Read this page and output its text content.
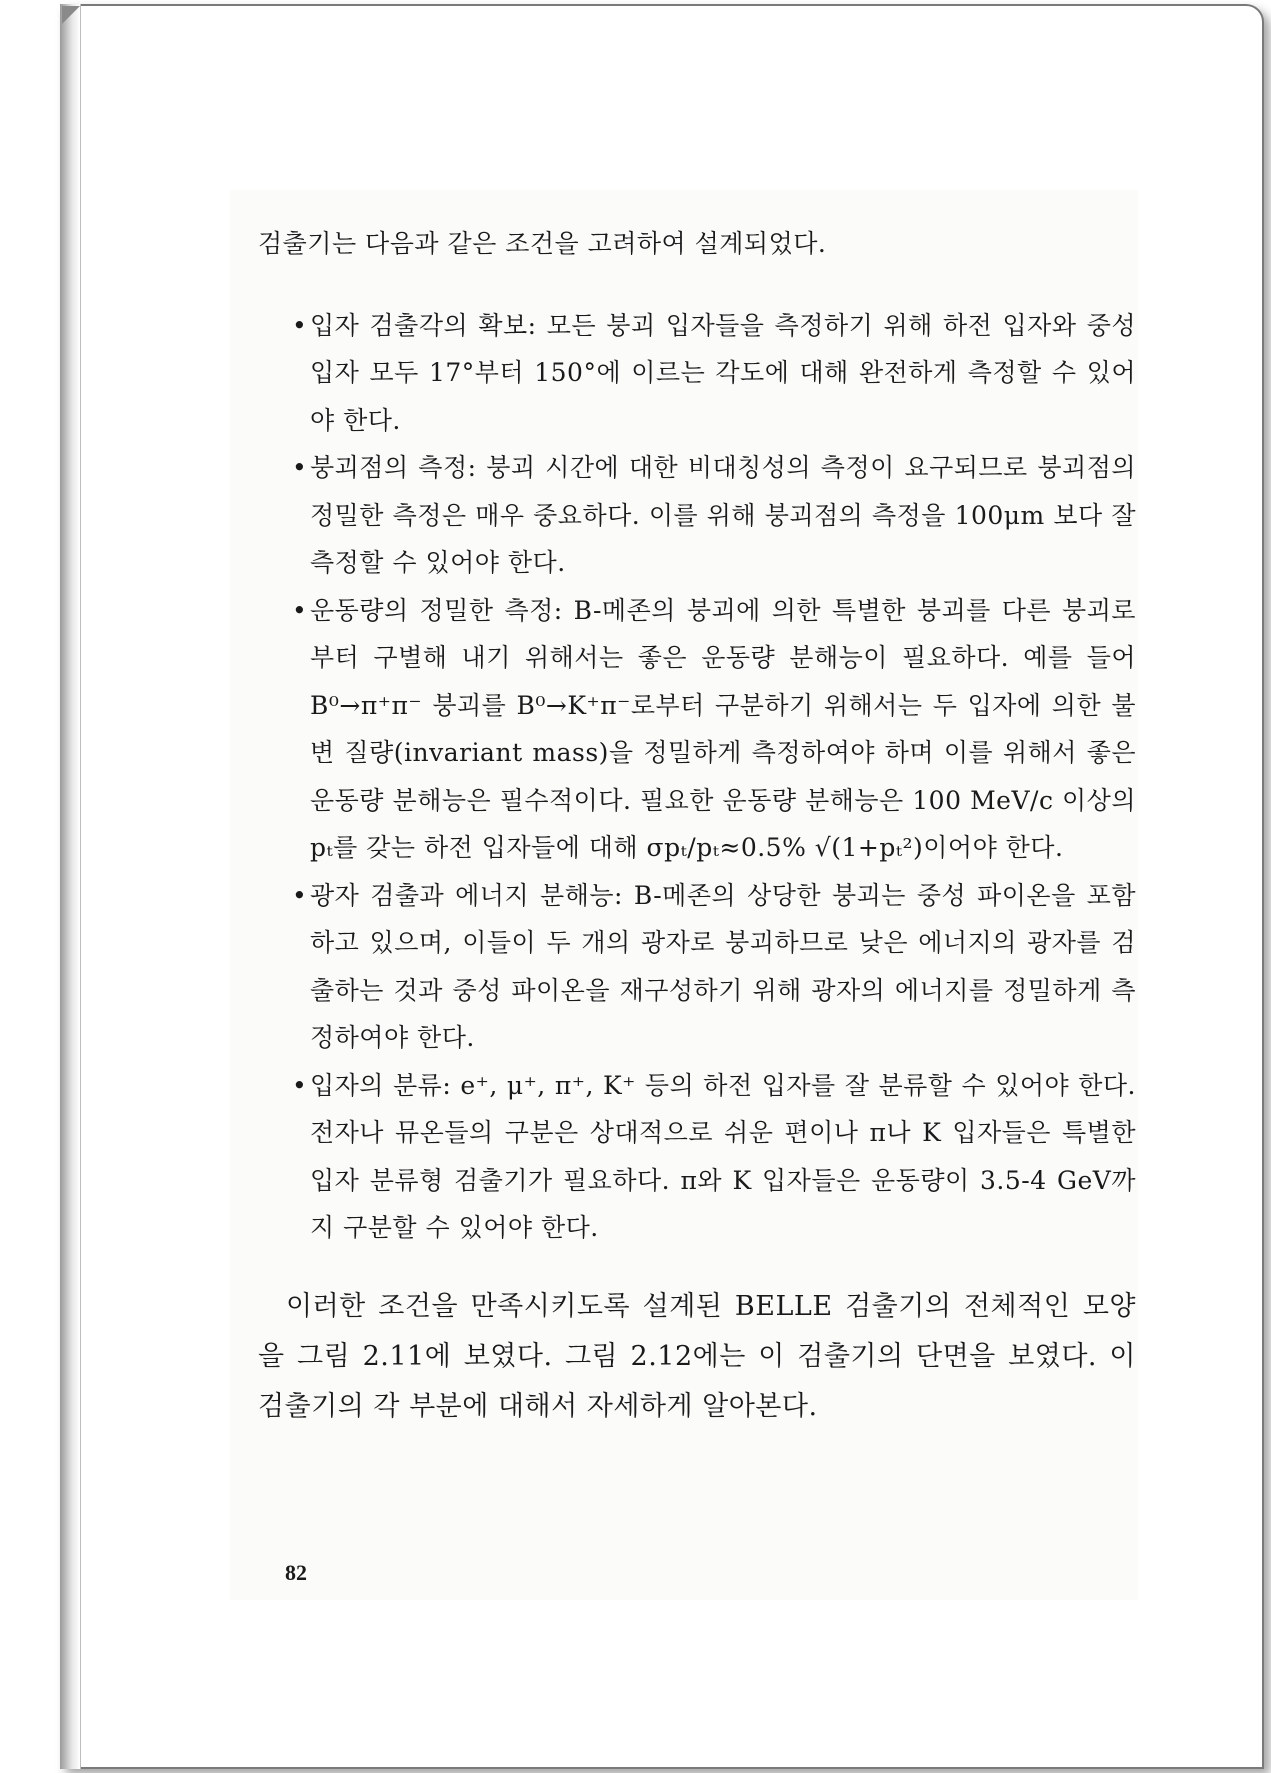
검출기는 다음과 같은 조건을 고려하여 설계되었다.

• 입자 검출각의 확보: 모든 붕괴 입자들을 측정하기 위해 하전 입자와 중성 입자 모두 17°부터 150°에 이르는 각도에 대해 완전하게 측정할 수 있어야 한다.
• 붕괴점의 측정: 붕괴 시간에 대한 비대칭성의 측정이 요구되므로 붕괴점의 정밀한 측정은 매우 중요하다. 이를 위해 붕괴점의 측정을 100μm 보다 잘 측정할 수 있어야 한다.
• 운동량의 정밀한 측정: B-메존의 붕괴에 의한 특별한 붕괴를 다른 붕괴로부터 구별해 내기 위해서는 좋은 운동량 분해능이 필요하다. 예를 들어 B⁰→π⁺π⁻ 붕괴를 B⁰→K⁺π⁻로부터 구분하기 위해서는 두 입자에 의한 불변 질량(invariant mass)을 정밀하게 측정하여야 하며 이를 위해서 좋은 운동량 분해능은 필수적이다. 필요한 운동량 분해능은 100 MeV/c 이상의 pₜ를 갖는 하전 입자들에 대해 σpₜ/pₜ≈0.5% √(1+pₜ²)이어야 한다.
• 광자 검출과 에너지 분해능: B-메존의 상당한 붕괴는 중성 파이온을 포함하고 있으며, 이들이 두 개의 광자로 붕괴하므로 낮은 에너지의 광자를 검출하는 것과 중성 파이온을 재구성하기 위해 광자의 에너지를 정밀하게 측정하여야 한다.
• 입자의 분류: e⁺, μ⁺, π⁺, K⁺ 등의 하전 입자를 잘 분류할 수 있어야 한다. 전자나 뮤온들의 구분은 상대적으로 쉬운 편이나 π나 K 입자들은 특별한 입자 분류형 검출기가 필요하다. π와 K 입자들은 운동량이 3.5-4 GeV까지 구분할 수 있어야 한다.

이러한 조건을 만족시키도록 설계된 BELLE 검출기의 전체적인 모양을 그림 2.11에 보였다. 그림 2.12에는 이 검출기의 단면을 보였다. 이 검출기의 각 부분에 대해서 자세하게 알아본다.

82
